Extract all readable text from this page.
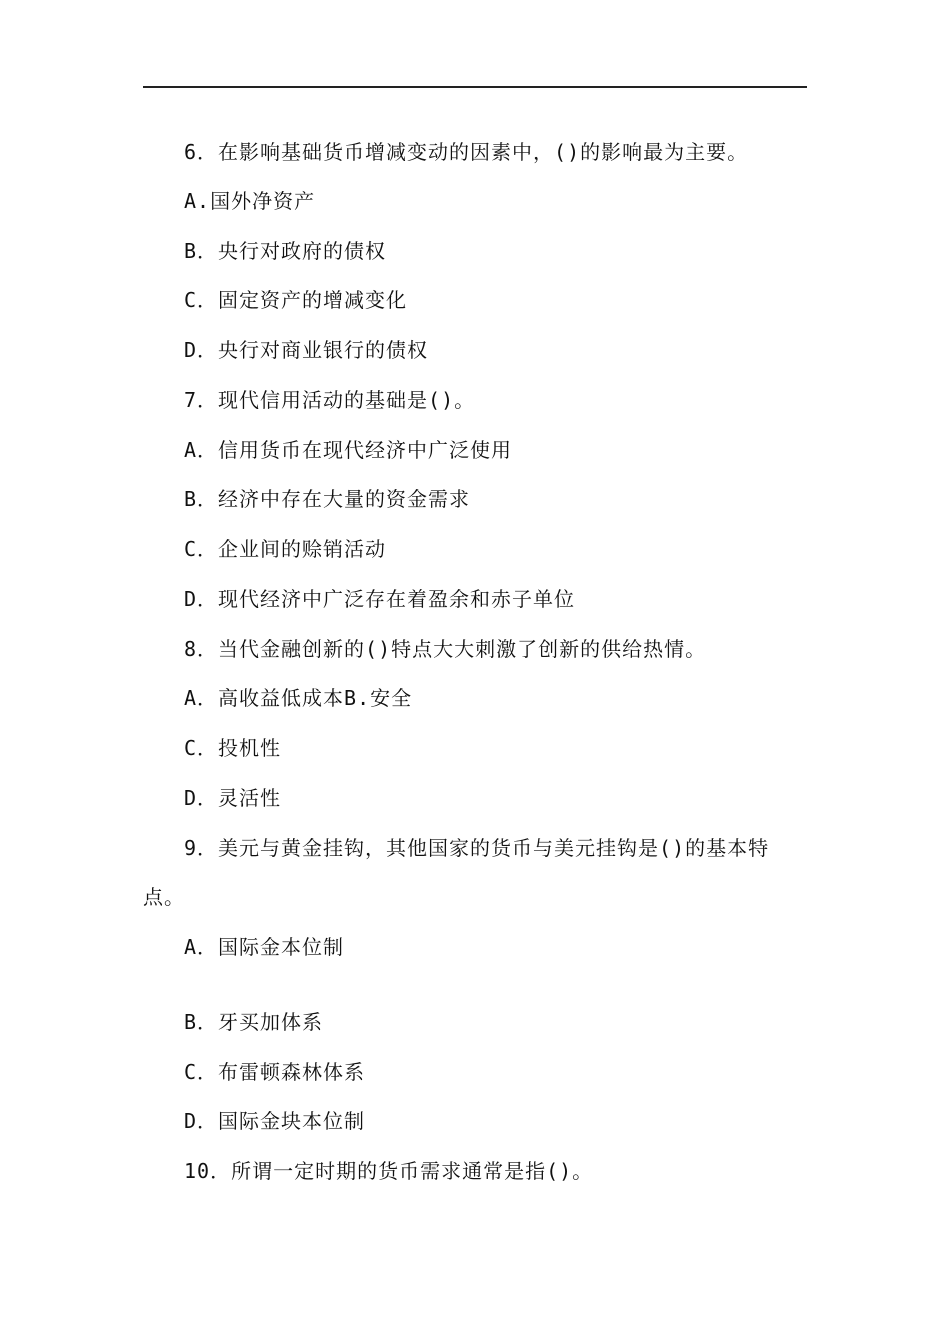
6．在影响基础货币增减变动的因素中，()的影响最为主要。
A.国外净资产
B．央行对政府的债权
C．固定资产的增减变化
D．央行对商业银行的债权
7．现代信用活动的基础是()。
A．信用货币在现代经济中广泛使用
B．经济中存在大量的资金需求
C．企业间的赊销活动
D．现代经济中广泛存在着盈余和赤子单位
8．当代金融创新的()特点大大刺激了创新的供给热情。
A．高收益低成本B.安全
C．投机性
D．灵活性
9．美元与黄金挂钩，其他国家的货币与美元挂钩是()的基本特
点。
A．国际金本位制
B．牙买加体系
C．布雷顿森林体系
D．国际金块本位制
10．所谓一定时期的货币需求通常是指()。
